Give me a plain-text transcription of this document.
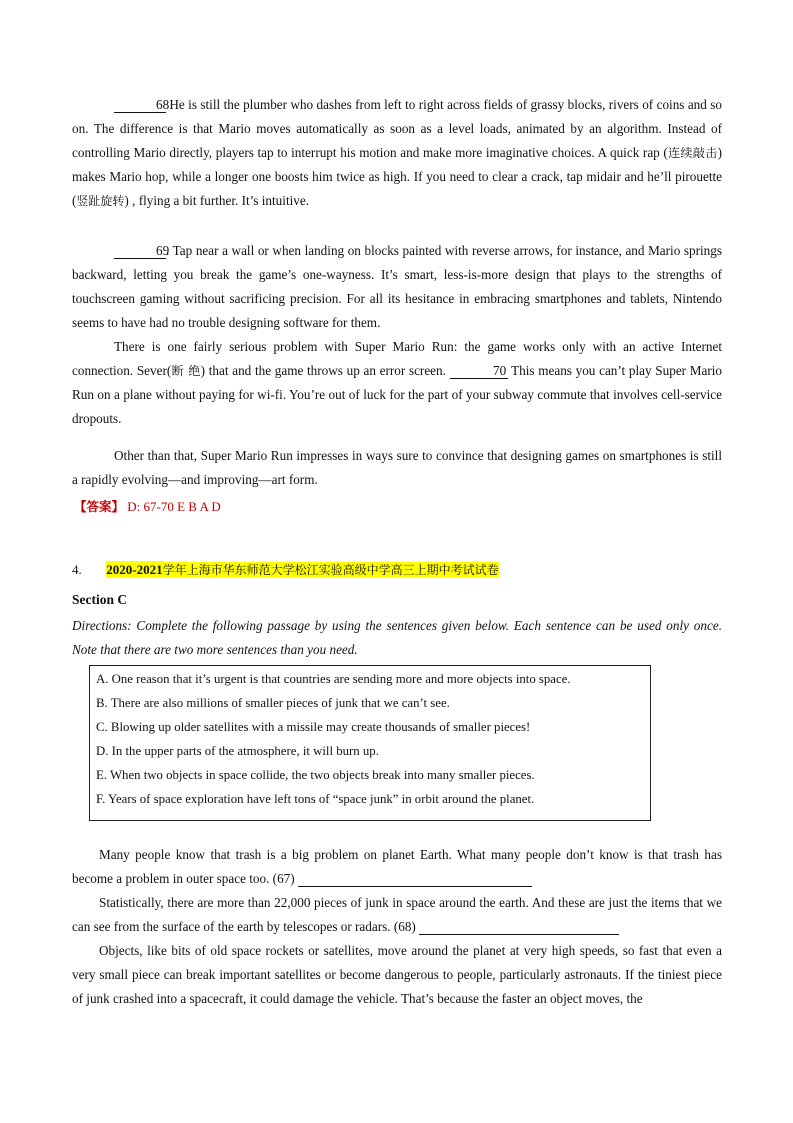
68 He is still the plumber who dashes from left to right across fields of grassy blocks, rivers of coins and so on. The difference is that Mario moves automatically as soon as a level loads, animated by an algorithm. Instead of controlling Mario directly, players tap to interrupt his motion and make more imaginative choices. A quick rap (连续敲击) makes Mario hop, while a longer one boosts him twice as high. If you need to clear a crack, tap midair and he’ll pirouette (竖趾旋转) , flying a bit further. It’s intuitive.

69. Tap near a wall or when landing on blocks painted with reverse arrows, for instance, and Mario springs backward, letting you break the game’s one-wayness. It’s smart, less-is-more design that plays to the strengths of touchscreen gaming without sacrificing precision. For all its hesitance in embracing smartphones and tablets, Nintendo seems to have had no trouble designing software for them.

There is one fairly serious problem with Super Mario Run: the game works only with an active Internet connection. Sever(断 绝) that and the game throws up an error screen.	70 This means you can’t play Super Mario Run on a plane without paying for wi-fi. You’re out of luck for the part of your subway commute that involves cell-service dropouts.

Other than that, Super Mario Run impresses in ways sure to convince that designing games on smartphones is still a rapidly evolving—and improving—art form.

【答案】 D: 67-70 E B A D
4. 2020-2021学年上海市华东师范大学松江实验高级中学高三上期中考试试卷
Section C
Directions: Complete the following passage by using the sentences given below. Each sentence can be used only once. Note that there are two more sentences than you need.
A. One reason that it’s urgent is that countries are sending more and more objects into space.
B. There are also millions of smaller pieces of junk that we can’t see.
C. Blowing up older satellites with a missile may create thousands of smaller pieces!
D. In the upper parts of the atmosphere, it will burn up.
E. When two objects in space collide, the two objects break into many smaller pieces.
F. Years of space exploration have left tons of “space junk” in orbit around the planet.

Many people know that trash is a big problem on planet Earth. What many people don’t know is that trash has become a problem in outer space too. (67)

Statistically, there are more than 22,000 pieces of junk in space around the earth. And these are just the items that we can see from the surface of the earth by telescopes or radars. (68)

Objects, like bits of old space rockets or satellites, move around the planet at very high speeds, so fast that even a very small piece can break important satellites or become dangerous to people, particularly astronauts. If the tiniest piece of junk crashed into a spacecraft, it could damage the vehicle. That’s because the faster an object moves, the
